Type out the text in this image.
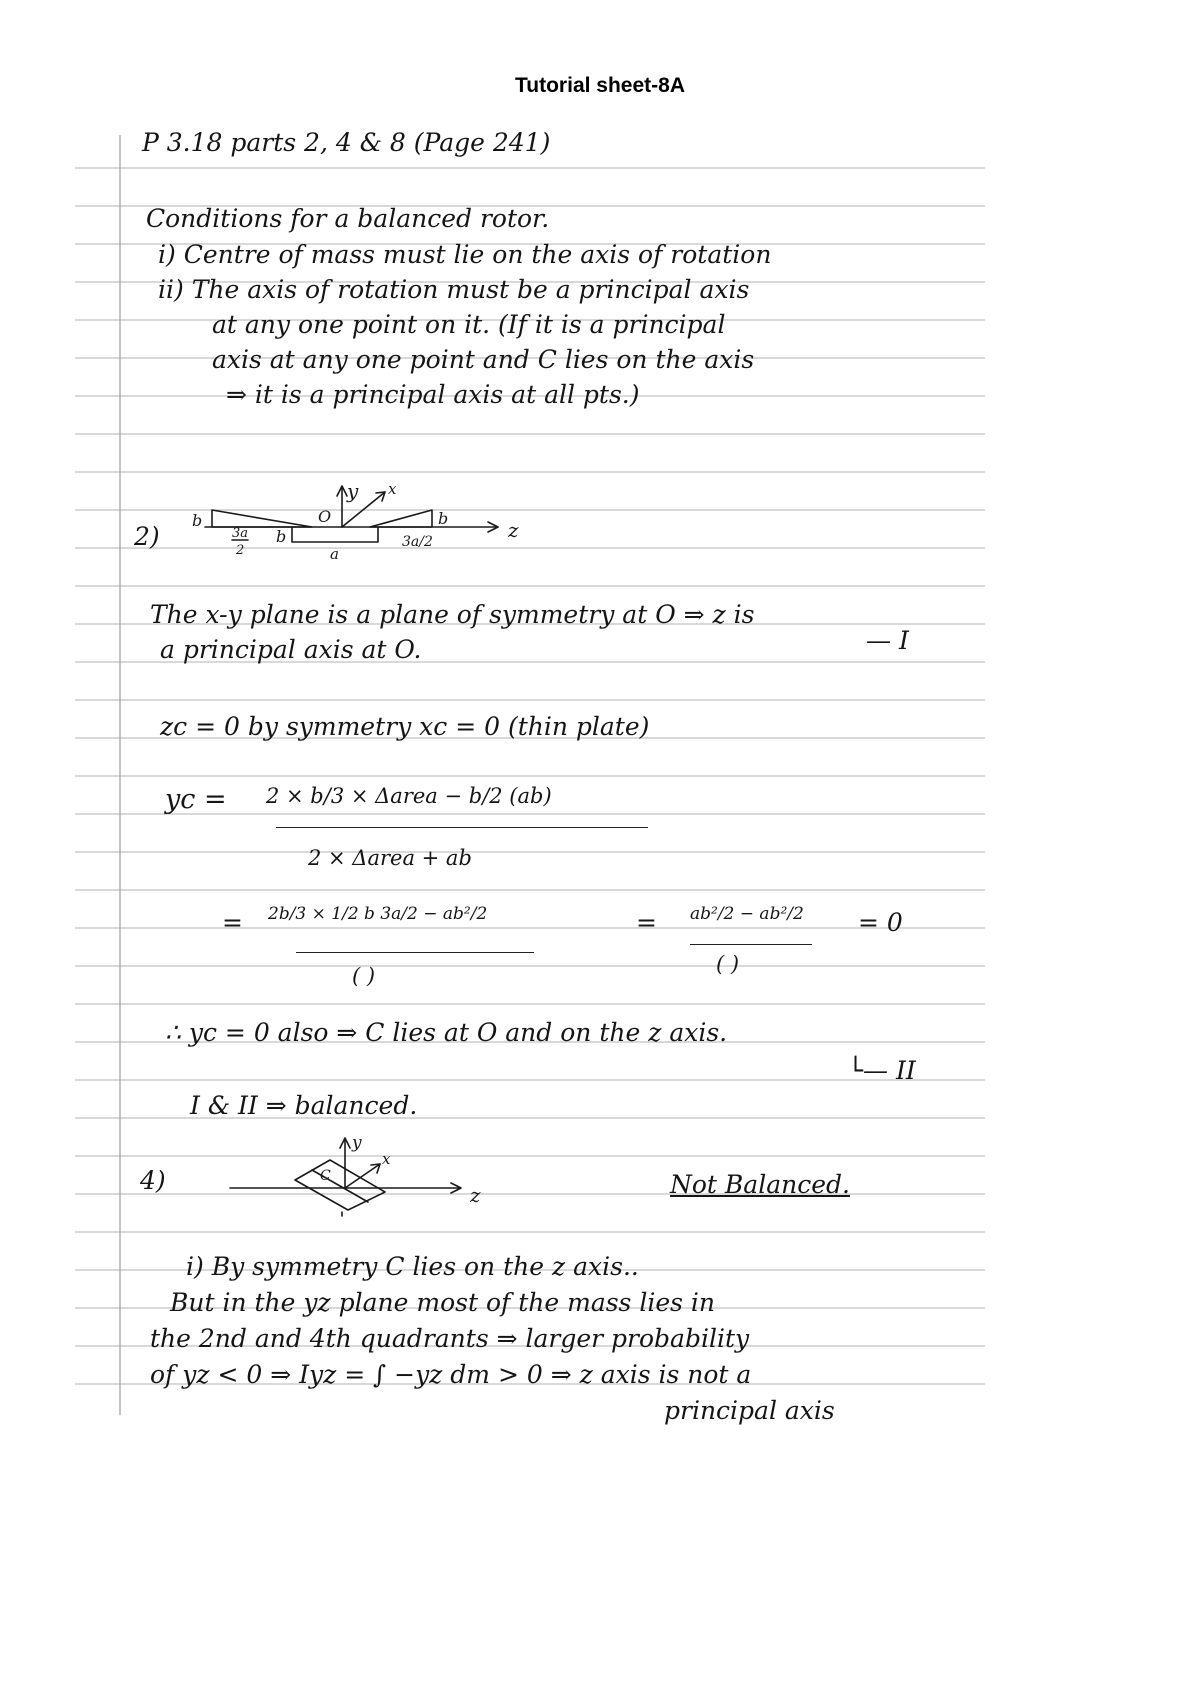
Tutorial sheet-8A
P 3.18 parts 2, 4 & 8 (Page 241)
Conditions for a balanced rotor.
i) Centre of mass must lie on the axis of rotation
ii) The axis of rotation must be a principal axis
at any one point on it. (If it is a principal
axis at any one point and C lies on the axis
⇒ it is a principal axis at all pts.)
2)
y x
O
b	b
b
3a
2
3a/2
a
z
The x-y plane is a plane of symmetry at O ⇒ z is
a principal axis at O.	— I
zc = 0 by symmetry xc = 0 (thin plate)
yc = 2 × b/3 × Δarea − b/2 (ab)
2 × Δarea + ab
= 2b/3 × 1/2 b 3a/2 − ab²/2
( )
= ab²/2 − ab²/2
( )
= 0
∴ yc = 0 also ⇒ C lies at O and on the z axis.
└— II
I & II ⇒ balanced.
4)
y
x
C
z	Not Balanced.
i) By symmetry C lies on the z axis..
But in the yz plane most of the mass lies in
the 2nd and 4th quadrants ⇒ larger probability
of yz < 0 ⇒ Iyz = ∫ −yz dm > 0 ⇒ z axis is not a
principal axis
